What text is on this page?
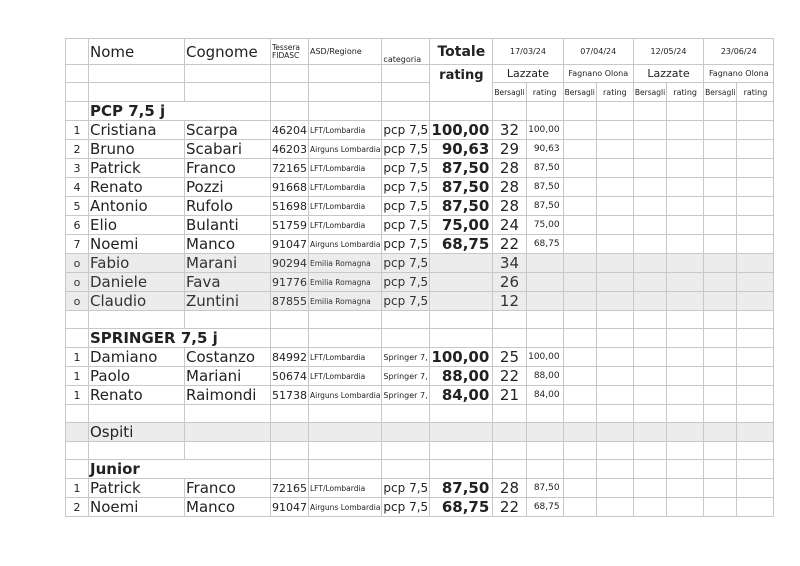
	Nome	Cognome	Tessera FIDASC	ASD/Regione	categoria	Totale	17/03/24		07/04/24		12/05/24		23/06/24	
						rating	Lazzate		Fagnano Olona		Lazzate		Fagnano Olona	
							Bersagli	rating	Bersagli	rating	Bersagli	rating	Bersagli	rating
	PCP 7,5 j													
1	Cristiana	Scarpa	46204	LFT/Lombardia	pcp 7,5	100,00	32	100,00						
2	Bruno	Scabari	46203	Airguns Lombardia	pcp 7,5	90,63	29	90,63						
3	Patrick	Franco	72165	LFT/Lombardia	pcp 7,5	87,50	28	87,50						
4	Renato	Pozzi	91668	LFT/Lombardia	pcp 7,5	87,50	28	87,50						
5	Antonio	Rufolo	51698	LFT/Lombardia	pcp 7,5	87,50	28	87,50						
6	Elio	Bulanti	51759	LFT/Lombardia	pcp 7,5	75,00	24	75,00						
7	Noemi	Manco	91047	Airguns Lombardia	pcp 7,5	68,75	22	68,75						
o	Fabio	Marani	90294	Emilia Romagna	pcp 7,5		34							
o	Daniele	Fava	91776	Emilia Romagna	pcp 7,5		26							
o	Claudio	Zuntini	87855	Emilia Romagna	pcp 7,5		12							

	SPRINGER 7,5 j													
1	Damiano	Costanzo	84992	LFT/Lombardia	Springer 7,	100,00	25	100,00						
1	Paolo	Mariani	50674	LFT/Lombardia	Springer 7,	88,00	22	88,00						
1	Renato	Raimondi	51738	Airguns Lombardia	Springer 7,	84,00	21	84,00						

	Ospiti													

	Junior													
1	Patrick	Franco	72165	LFT/Lombardia	pcp 7,5	87,50	28	87,50						
2	Noemi	Manco	91047	Airguns Lombardia	pcp 7,5	68,75	22	68,75						
